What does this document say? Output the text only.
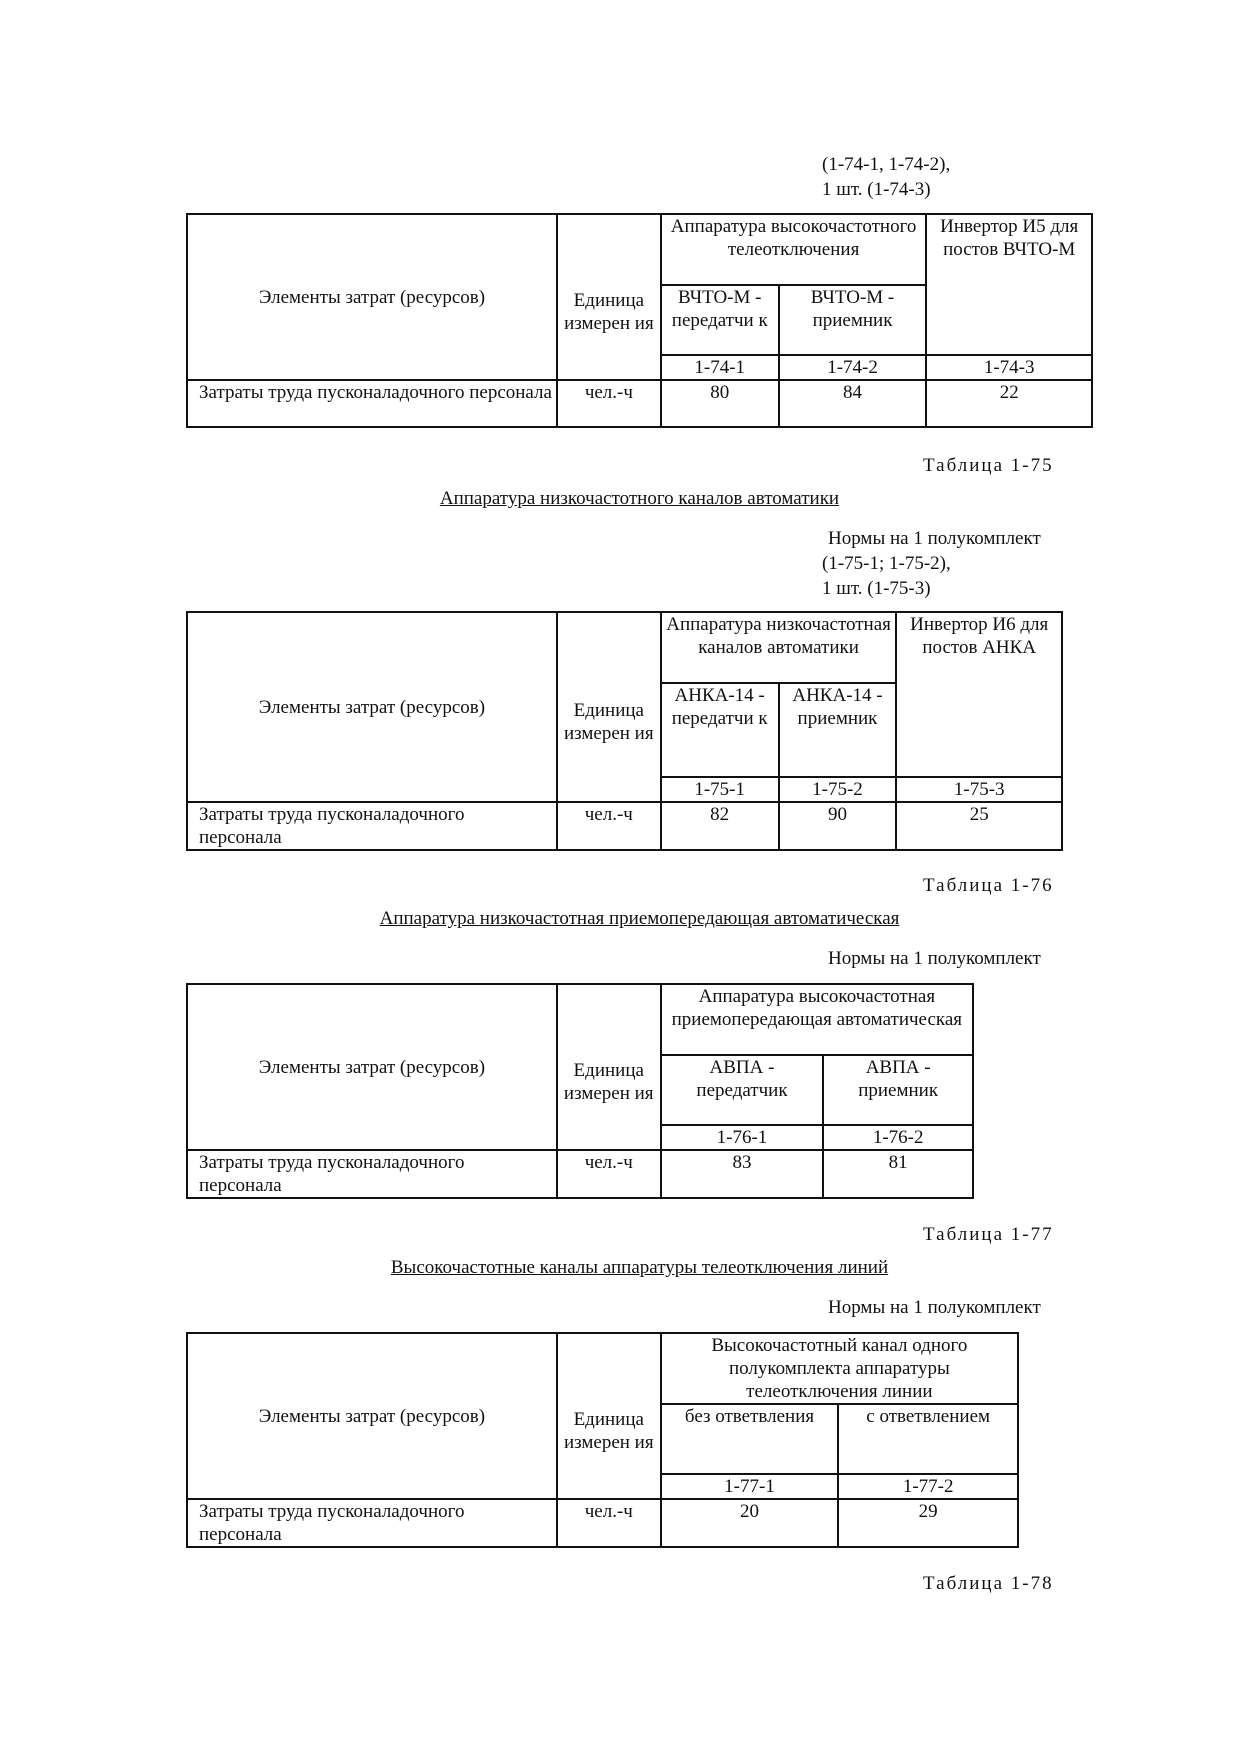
(1-74-1, 1-74-2),
1 шт. (1-74-3)
Элементы затрат (ресурсов)	Единица измерен ия	Аппаратура высокочастотного телеотключения		Инвертор И5 для постов ВЧТО-М
		ВЧТО-М - передатчи к	ВЧТО-М - приемник	
		1-74-1	1-74-2	1-74-3
Затраты труда пусконаладочного персонала	чел.-ч	80	84	22
Таблица 1-75
Аппаратура низкочастотного каналов автоматики
Нормы на 1 полукомплект
(1-75-1; 1-75-2),
1 шт. (1-75-3)
Элементы затрат (ресурсов)	Единица измерен ия	Аппаратура низкочастотная каналов автоматики		Инвертор И6 для постов АНКА
		АНКА-14 - передатчи к	АНКА-14 - приемник	
		1-75-1	1-75-2	1-75-3
Затраты труда пусконаладочного персонала	чел.-ч	82	90	25
Таблица 1-76
Аппаратура низкочастотная приемопередающая автоматическая
Нормы на 1 полукомплект
Элементы затрат (ресурсов)	Единица измерен ия	Аппаратура высокочастотная приемопередающая автоматическая	
		АВПА - передатчик	АВПА - приемник
		1-76-1	1-76-2
Затраты труда пусконаладочного персонала	чел.-ч	83	81
Таблица 1-77
Высокочастотные каналы аппаратуры телеотключения линий
Нормы на 1 полукомплект
Элементы затрат (ресурсов)	Единица измерен ия	Высокочастотный канал одного полукомплекта аппаратуры телеотключения линии	
		без ответвления	с ответвлением
		1-77-1	1-77-2
Затраты труда пусконаладочного персонала	чел.-ч	20	29
Таблица 1-78
